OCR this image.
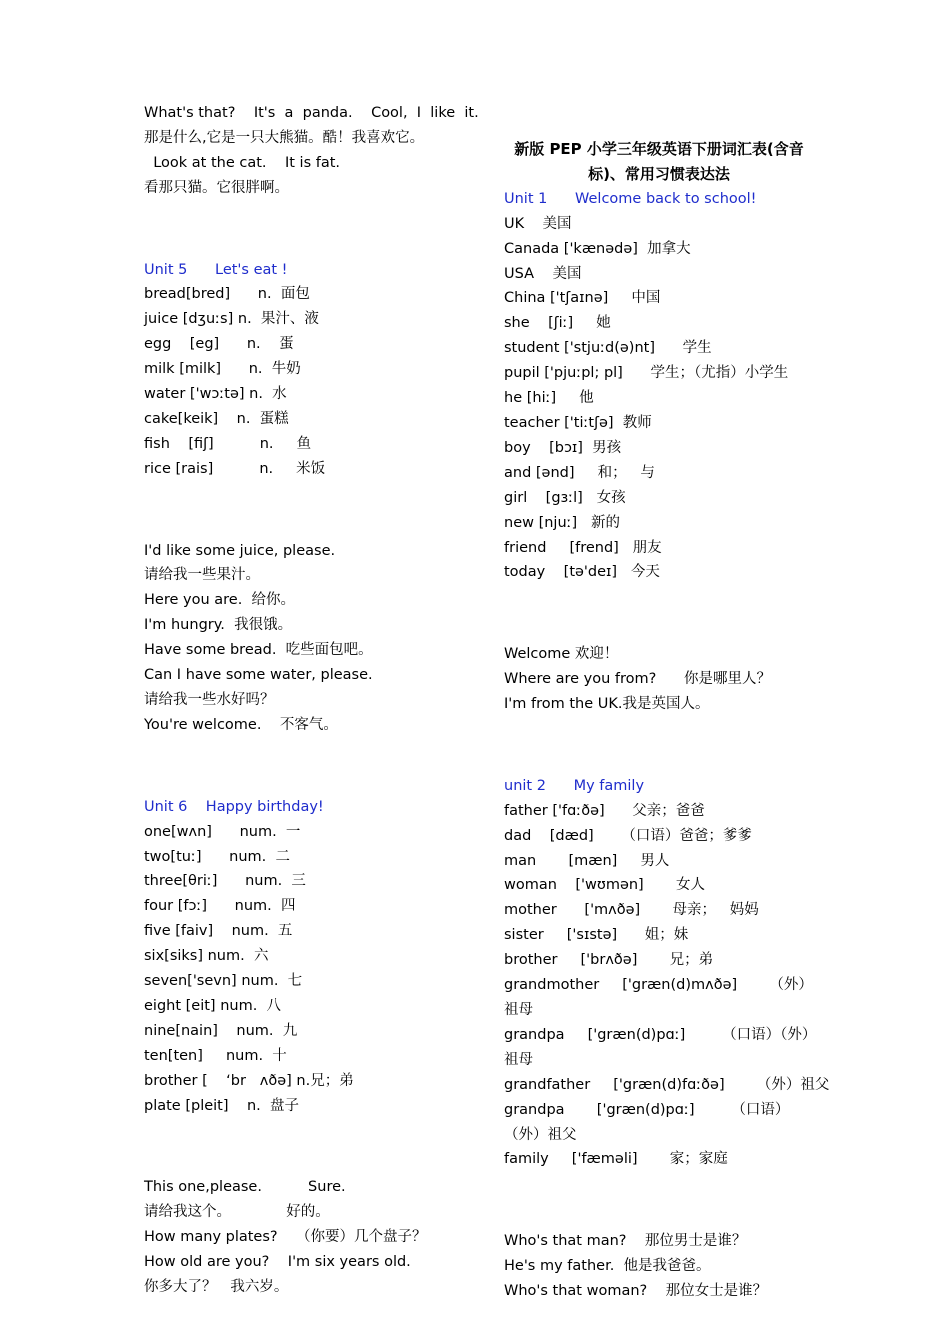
What's that?    It's  a  panda.    Cool,  I  like  it.

那是什么,它是一只大熊猫。酷！我喜欢它。

Look at the cat.    It is fat.

看那只猫。它很胖啊。

Unit 5      Let's eat !

bread[bred]      n.  面包

juice [dʒuːs] n.  果汁、液

egg    [eg]      n.    蛋

milk [milk]      n.  牛奶

water ['wɔːtə] n.  水

cake[keik]    n.  蛋糕

fish    [fiʃ]          n.     鱼

rice [rais]          n.     米饭

I'd like some juice, please.

请给我一些果汁。

Here you are.  给你。

I'm hungry.  我很饿。

Have some bread.  吃些面包吧。

Can I have some water, please.

请给我一些水好吗？

You're welcome.    不客气。

Unit 6    Happy birthday!

one[wʌn]      num.  一

two[tuː]      num.  二

three[θriː]      num.  三

four [fɔː]      num.  四

five [faiv]    num.  五

six[siks] num.  六

seven['sevn] num.  七

eight [eit] num.  八

nine[nain]    num.  九

ten[ten]     num.  十

brother [    ‘br   ʌðə] n.兄；弟

plate [pleit]    n.  盘子

This one,please.          Sure.

请给我这个。            好的。

How many plates?    （你要）几个盘子？

How old are you?    I'm six years old.

你多大了？   我六岁。

新版 PEP 小学三年级英语下册词汇表(含音标)、常用习惯表达法

Unit 1      Welcome back to school!

UK    美国

Canada ['kænədə]  加拿大

USA    美国

China ['tʃaɪnə]     中国

she    [ʃiː]     她

student ['stjuːd(ə)nt]      学生

pupil ['pjuːpl; pl]      学生；（尤指）小学生

he [hiː]     他

teacher ['tiːtʃə]  教师

boy    [bɔɪ]  男孩

and [ənd]     和；   与

girl    [gɜːl]   女孩

new [njuː]   新的

friend     [frend]   朋友

today    [tə'deɪ]   今天

Welcome 欢迎！

Where are you from?      你是哪里人？

I'm from the UK.我是英国人。

unit 2      My family

father ['fɑːðə]      父亲；爸爸

dad    [dæd]      （口语）爸爸；爹爹

man       [mæn]     男人

woman    ['wʊmən]       女人

mother      ['mʌðə]       母亲；   妈妈

sister     ['sɪstə]      姐；妹

brother     ['brʌðə]       兄；弟

grandmother     ['græn(d)mʌðə]       （外）祖母

grandpa     ['græn(d)pɑː]        （口语）（外）祖母

grandfather     ['græn(d)fɑːðə]       （外）祖父

grandpa       ['græn(d)pɑː]        （口语）（外）祖父

family     ['fæməli]       家；家庭

Who's that man?    那位男士是谁？

He's my father.  他是我爸爸。

Who's that woman?    那位女士是谁？
